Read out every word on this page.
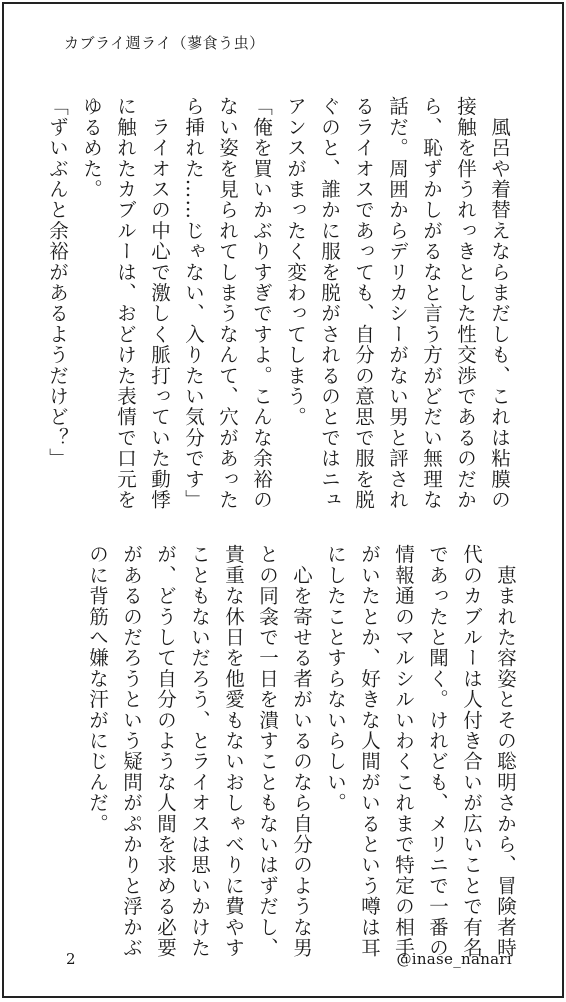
カブライ週ライ（蓼食う虫）

　風呂や着替えならまだしも、これは粘膜の

接触を伴うれっきとした性交渉であるのだか

ら、恥ずかしがるなと言う方がどだい無理な

話だ。周囲からデリカシーがない男と評され

るライオスであっても、自分の意思で服を脱

ぐのと、誰かに服を脱がされるのとではニュ

アンスがまったく変わってしまう。

「俺を買いかぶりすぎですよ。こんな余裕の

ない姿を見られてしまうなんて、穴があった

ら挿れた……じゃない、入りたい気分です」

　ライオスの中心で激しく脈打っていた動悸

に触れたカブルーは、おどけた表情で口元を

ゆるめた。

「ずいぶんと余裕があるようだけど？」

　恵まれた容姿とその聡明さから、冒険者時

代のカブルーは人付き合いが広いことで有名

であったと聞く。けれども、メリニで一番の

情報通のマルシルいわくこれまで特定の相手

がいたとか、好きな人間がいるという噂は耳

にしたことすらないらしい。

　心を寄せる者がいるのなら自分のような男

との同衾で一日を潰すこともないはずだし、

貴重な休日を他愛もないおしゃべりに費やす

こともないだろう、とライオスは思いかけた

が、どうして自分のような人間を求める必要

があるのだろうという疑問がぷかりと浮かぶ

のに背筋へ嫌な汗がにじんだ。

2	@inase_nanari
